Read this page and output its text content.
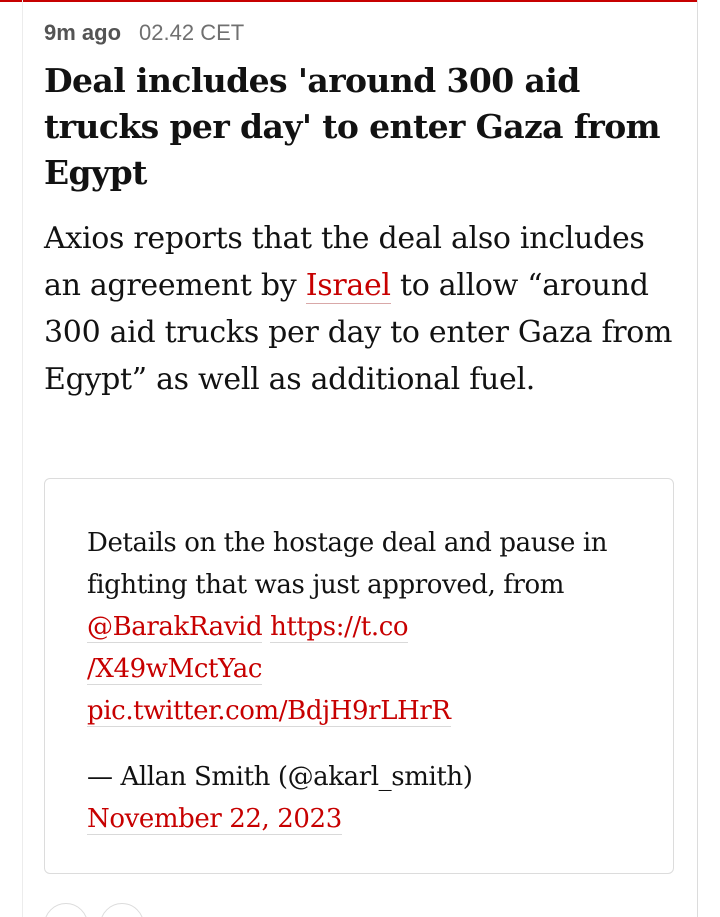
9m ago 02.42 CET
Deal includes 'around 300 aid trucks per day' to enter Gaza from Egypt

Axios reports that the deal also includes an agreement by Israel to allow “around 300 aid trucks per day to enter Gaza from Egypt” as well as additional fuel.

Details on the hostage deal and pause in fighting that was just approved, from @BarakRavid https://t.co
/X49wMctYac
pic.twitter.com/BdjH9rLHrR

— Allan Smith (@akarl_smith)
November 22, 2023
